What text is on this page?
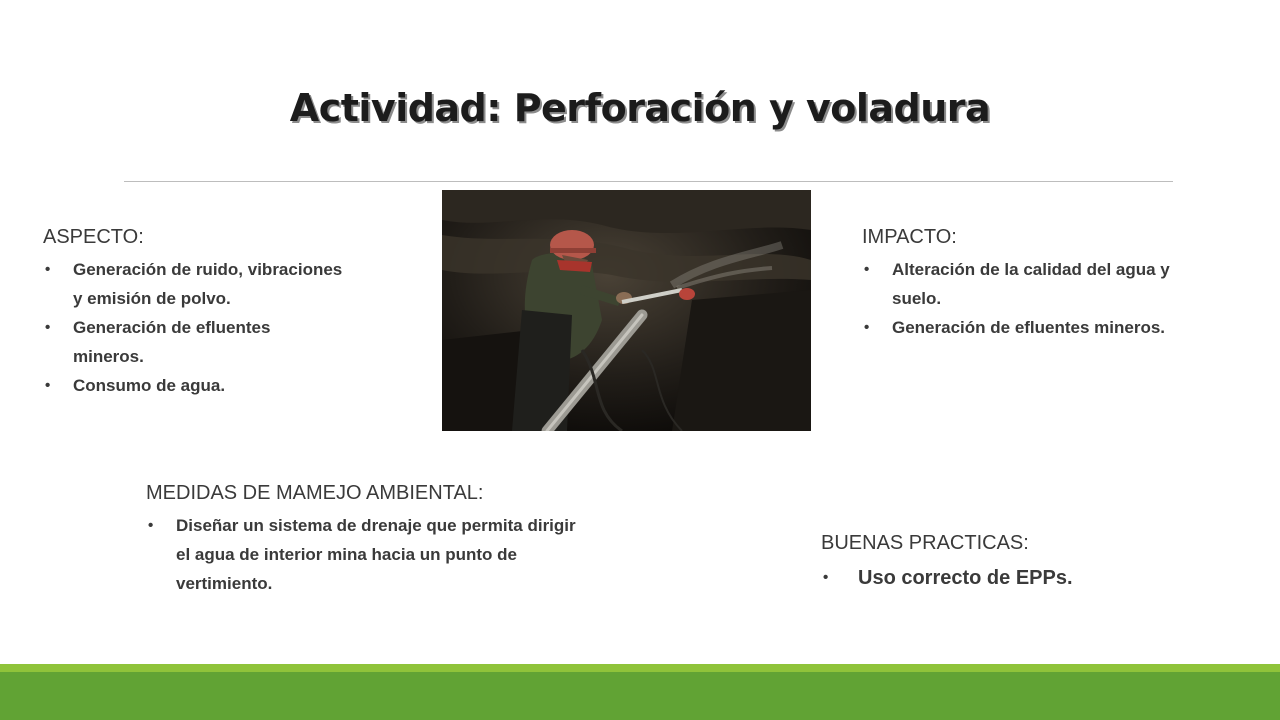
Actividad: Perforación y voladura
ASPECTO:
• Generación de ruido, vibraciones y emisión de polvo.
• Generación de efluentes mineros.
• Consumo de agua.
IMPACTO:
• Alteración de la calidad del agua y suelo.
• Generación de efluentes mineros.
MEDIDAS DE MAMEJO AMBIENTAL:
• Diseñar un sistema de drenaje que permita dirigir el agua de interior mina hacia un punto de vertimiento.
BUENAS PRACTICAS:
• Uso correcto de EPPs.
